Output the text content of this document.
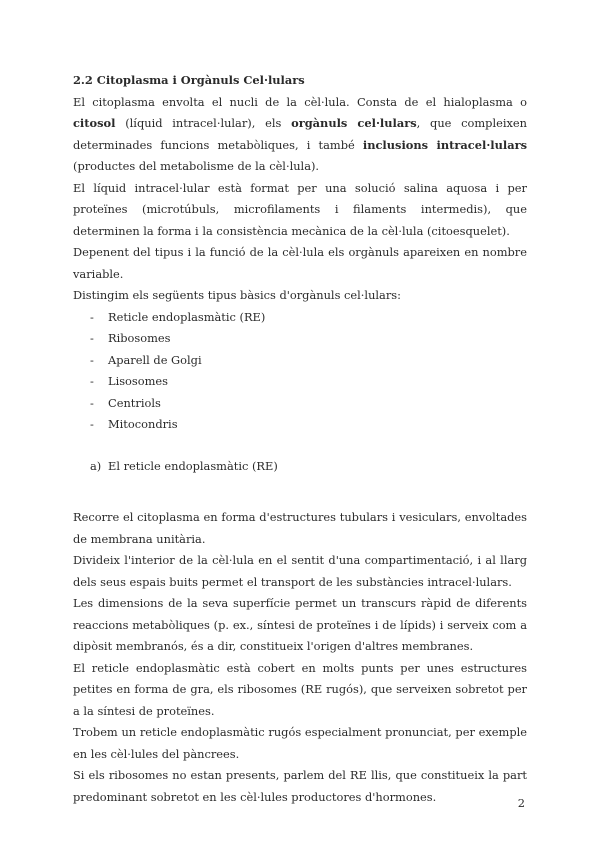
2.2 Citoplasma i Orgànuls Cel·lulars

El citoplasma envolta el nucli de la cèl·lula. Consta de el hialoplasma o citosol (líquid intracel·lular), els orgànuls cel·lulars, que compleixen determinades funcions metabòliques, i també inclusions intracel·lulars (productes del metabolisme de la cèl·lula).

El líquid intracel·lular està format per una solució salina aquosa i per proteïnes (microtúbuls, microfilaments i filaments intermedis), que determinen la forma i la consistència mecànica de la cèl·lula (citoesquelet).

Depenent del tipus i la funció de la cèl·lula els orgànuls apareixen en nombre variable.

Distingim els següents tipus bàsics d'orgànuls cel·lulars:

- Reticle endoplasmàtic (RE)
- Ribosomes
- Aparell de Golgi
- Lisosomes
- Centriols
- Mitocondris

a) El reticle endoplasmàtic (RE)

Recorre el citoplasma en forma d'estructures tubulars i vesiculars, envoltades de membrana unitària.

Divideix l'interior de la cèl·lula en el sentit d'una compartimentació, i al llarg dels seus espais buits permet el transport de les substàncies intracel·lulars.

Les dimensions de la seva superfície permet un transcurs ràpid de diferents reaccions metabòliques (p. ex., síntesi de proteïnes i de lípids) i serveix com a dipòsit membranós, és a dir, constitueix l'origen d'altres membranes.

El reticle endoplasmàtic està cobert en molts punts per unes estructures petites en forma de gra, els ribosomes (RE rugós), que serveixen sobretot per a la síntesi de proteïnes.

Trobem un reticle endoplasmàtic rugós especialment pronunciat, per exemple en les cèl·lules del pàncrees.

Si els ribosomes no estan presents, parlem del RE llis, que constitueix la part predominant sobretot en les cèl·lules productores d'hormones.	2
